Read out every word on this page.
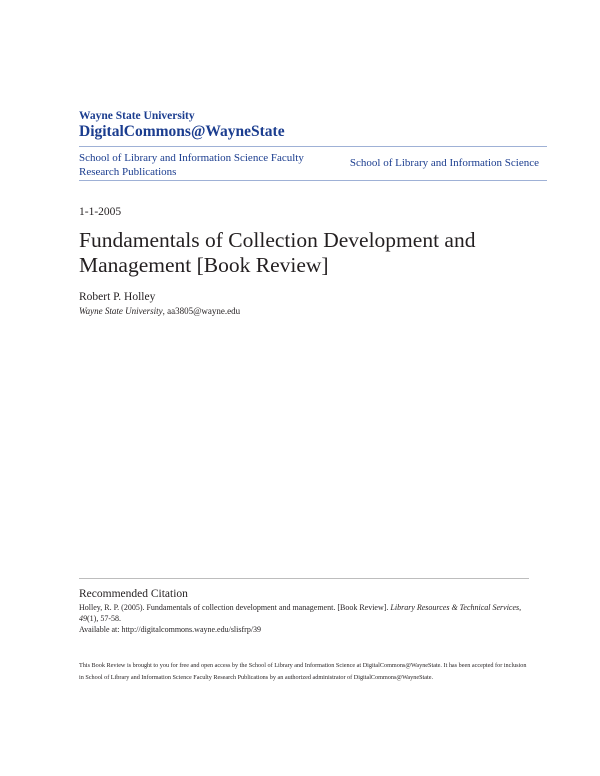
Wayne State University
DigitalCommons@WayneState
School of Library and Information Science Faculty Research Publications
School of Library and Information Science
1-1-2005
Fundamentals of Collection Development and Management [Book Review]
Robert P. Holley
Wayne State University, aa3805@wayne.edu
Recommended Citation
Holley, R. P. (2005). Fundamentals of collection development and management. [Book Review]. Library Resources & Technical Services, 49(1), 57-58.
Available at: http://digitalcommons.wayne.edu/slisfrp/39
This Book Review is brought to you for free and open access by the School of Library and Information Science at DigitalCommons@WayneState. It has been accepted for inclusion in School of Library and Information Science Faculty Research Publications by an authorized administrator of DigitalCommons@WayneState.
